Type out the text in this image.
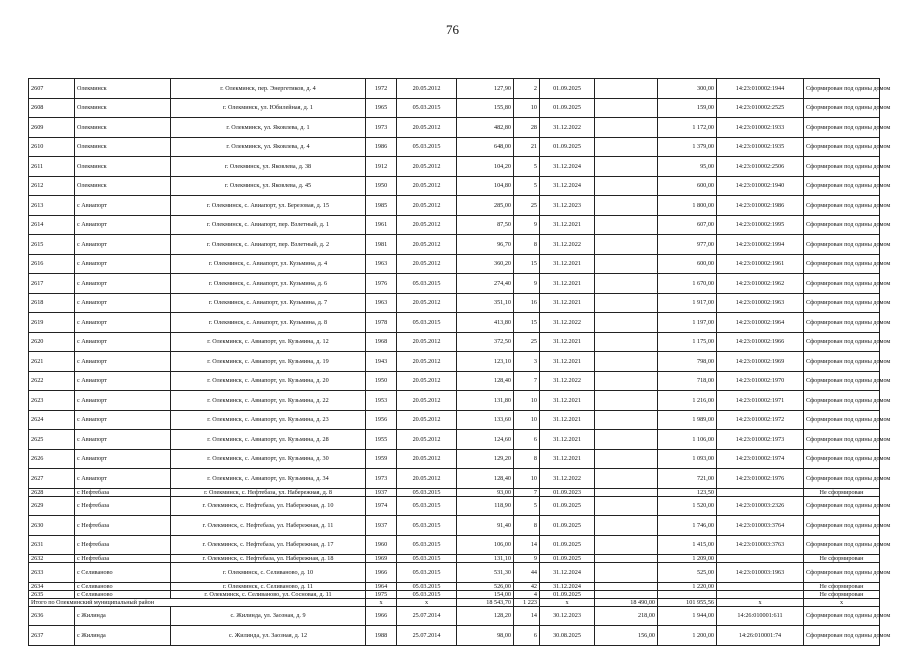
76
2607	Олекминск	г. Олекминск, пер. Энергетиков, д. 4	1972	20.05.2012	127,90	2	01.09.2025		300,00	14:23:010002:1944	Сформирован под одины домом
2608	Олекминск	г. Олекминск, ул. Юбилейная, д. 1	1965	05.03.2015	155,80	10	01.09.2025		159,00	14:23:010002:2525	Сформирован под одины домом
2609	Олекминск	г. Олекминск, ул. Яковлева, д. 1	1973	20.05.2012	482,80	28	31.12.2022		1 172,00	14:23:010002:1933	Сформирован под одины домом
2610	Олекминск	г. Олекминск, ул. Яковлева, д. 4	1986	05.03.2015	648,00	21	01.09.2025		1 379,00	14:23:010002:1935	Сформирован под одины домом
2611	Олекминск	г. Олекминск, ул. Яковлева, д. 38	1912	20.05.2012	104,20	5	31.12.2024		95,00	14:23:010002:2506	Сформирован под одины домом
2612	Олекминск	г. Олекминск, ул. Яковлева, д. 45	1950	20.05.2012	104,80	5	31.12.2024		600,00	14:23:010002:1940	Сформирован под одины домом
2613	с Авиапорт	г. Олекминск, с. Авиапорт, ул. Березовая, д. 15	1985	20.05.2012	285,00	25	31.12.2023		1 800,00	14:23:010002:1986	Сформирован под одины домом
2614	с Авиапорт	г. Олекминск, с. Авиапорт, пер. Взлетный, д. 1	1961	20.05.2012	87,50	9	31.12.2021		607,00	14:23:010002:1995	Сформирован под одины домом
2615	с Авиапорт	г. Олекминск, с. Авиапорт, пер. Взлетный, д. 2	1981	20.05.2012	96,70	8	31.12.2022		977,00	14:23:010002:1994	Сформирован под одины домом
2616	с Авиапорт	г. Олекминск, с. Авиапорт, ул. Кузьмина, д. 4	1963	20.05.2012	360,20	15	31.12.2021		600,00	14:23:010002:1961	Сформирован под одины домом
2617	с Авиапорт	г. Олекминск, с. Авиапорт, ул. Кузьмина, д. 6	1976	05.03.2015	274,40	9	31.12.2021		1 670,00	14:23:010002:1962	Сформирован под одины домом
2618	с Авиапорт	г. Олекминск, с. Авиапорт, ул. Кузьмина, д. 7	1963	20.05.2012	351,10	16	31.12.2021		1 917,00	14:23:010002:1963	Сформирован под одины домом
2619	с Авиапорт	г. Олекминск, с. Авиапорт, ул. Кузьмина, д. 8	1978	05.03.2015	413,80	15	31.12.2022		1 197,00	14:23:010002:1964	Сформирован под одины домом
2620	с Авиапорт	г. Олекминск, с. Авиапорт, ул. Кузьмина, д. 12	1968	20.05.2012	372,50	25	31.12.2021		1 175,00	14:23:010002:1966	Сформирован под одины домом
2621	с Авиапорт	г. Олекминск, с. Авиапорт, ул. Кузьмина, д. 19	1943	20.05.2012	123,10	3	31.12.2021		798,00	14:23:010002:1969	Сформирован под одины домом
2622	с Авиапорт	г. Олекминск, с. Авиапорт, ул. Кузьмина, д. 20	1950	20.05.2012	128,40	7	31.12.2022		718,00	14:23:010002:1970	Сформирован под одины домом
2623	с Авиапорт	г. Олекминск, с. Авиапорт, ул. Кузьмина, д. 22	1953	20.05.2012	131,80	10	31.12.2021		1 216,00	14:23:010002:1971	Сформирован под одины домом
2624	с Авиапорт	г. Олекминск, с. Авиапорт, ул. Кузьмина, д. 23	1956	20.05.2012	133,60	10	31.12.2021		1 989,00	14:23:010002:1972	Сформирован под одины домом
2625	с Авиапорт	г. Олекминск, с. Авиапорт, ул. Кузьмина, д. 28	1955	20.05.2012	124,60	6	31.12.2021		1 106,00	14:23:010002:1973	Сформирован под одины домом
2626	с Авиапорт	г. Олекминск, с. Авиапорт, ул. Кузьмина, д. 30	1959	20.05.2012	129,20	8	31.12.2021		1 093,00	14:23:010002:1974	Сформирован под одины домом
2627	с Авиапорт	г. Олекминск, с. Авиапорт, ул. Кузьмина, д. 34	1973	20.05.2012	128,40	10	31.12.2022		721,00	14:23:010002:1976	Сформирован под одины домом
2628	с Нефтебаза	г. Олекминск, с. Нефтебаза, ул. Набережная, д. 8	1937	05.03.2015	93,00	7	01.09.2023		123,50		Не сформирован
2629	с Нефтебаза	г. Олекминск, с. Нефтебаза, ул. Набережная, д. 10	1974	05.03.2015	118,90	5	01.09.2025		1 520,00	14:23:010003:2326	Сформирован под одины домом
2630	с Нефтебаза	г. Олекминск, с. Нефтебаза, ул. Набережная, д. 11	1937	05.03.2015	91,40	8	01.09.2025		1 746,00	14:23:010003:3764	Сформирован под одины домом
2631	с Нефтебаза	г. Олекминск, с. Нефтебаза, ул. Набережная, д. 17	1960	05.03.2015	106,00	14	01.09.2025		1 415,00	14:23:010003:3763	Сформирован под одины домом
2632	с Нефтебаза	г. Олекминск, с. Нефтебаза, ул. Набережная, д. 18	1969	05.03.2015	131,10	9	01.09.2025		1 209,00		Не сформирован
2633	с Селивановo	г. Олекминск, с. Селиваново, д. 10	1966	05.03.2015	531,30	44	31.12.2024		525,00	14:23:010003:1963	Сформирован под одины домом
2634	с Селиваново	г. Олекминск, с. Селиваново, д. 11	1964	05.03.2015	526,00	42	31.12.2024		1 220,00		Не сформирован
2635	с Селиваново	г. Олекминск, с. Селиваново, ул. Сосновая, д. 11	1975	05.03.2015	154,00	4	01.09.2025				Не сформирован
Итого по Олекминский муниципальный район			x	x	18 543,70	1 223	x	18 490,00	101 955,56	x	x
2636	с Жилинда	с. Жилинда, ул. Заозная, д. 9	1966	25.07.2014	128,20	14	30.12.2023	218,00	1 944,00	14:26:010001:611	Сформирован под одины домом
2637	с Жилинда	с. Жилинда, ул. Заозная, д. 12	1988	25.07.2014	98,00	6	30.08.2025	156,00	1 200,00	14:26:010001:74	Сформирован под одины домом
